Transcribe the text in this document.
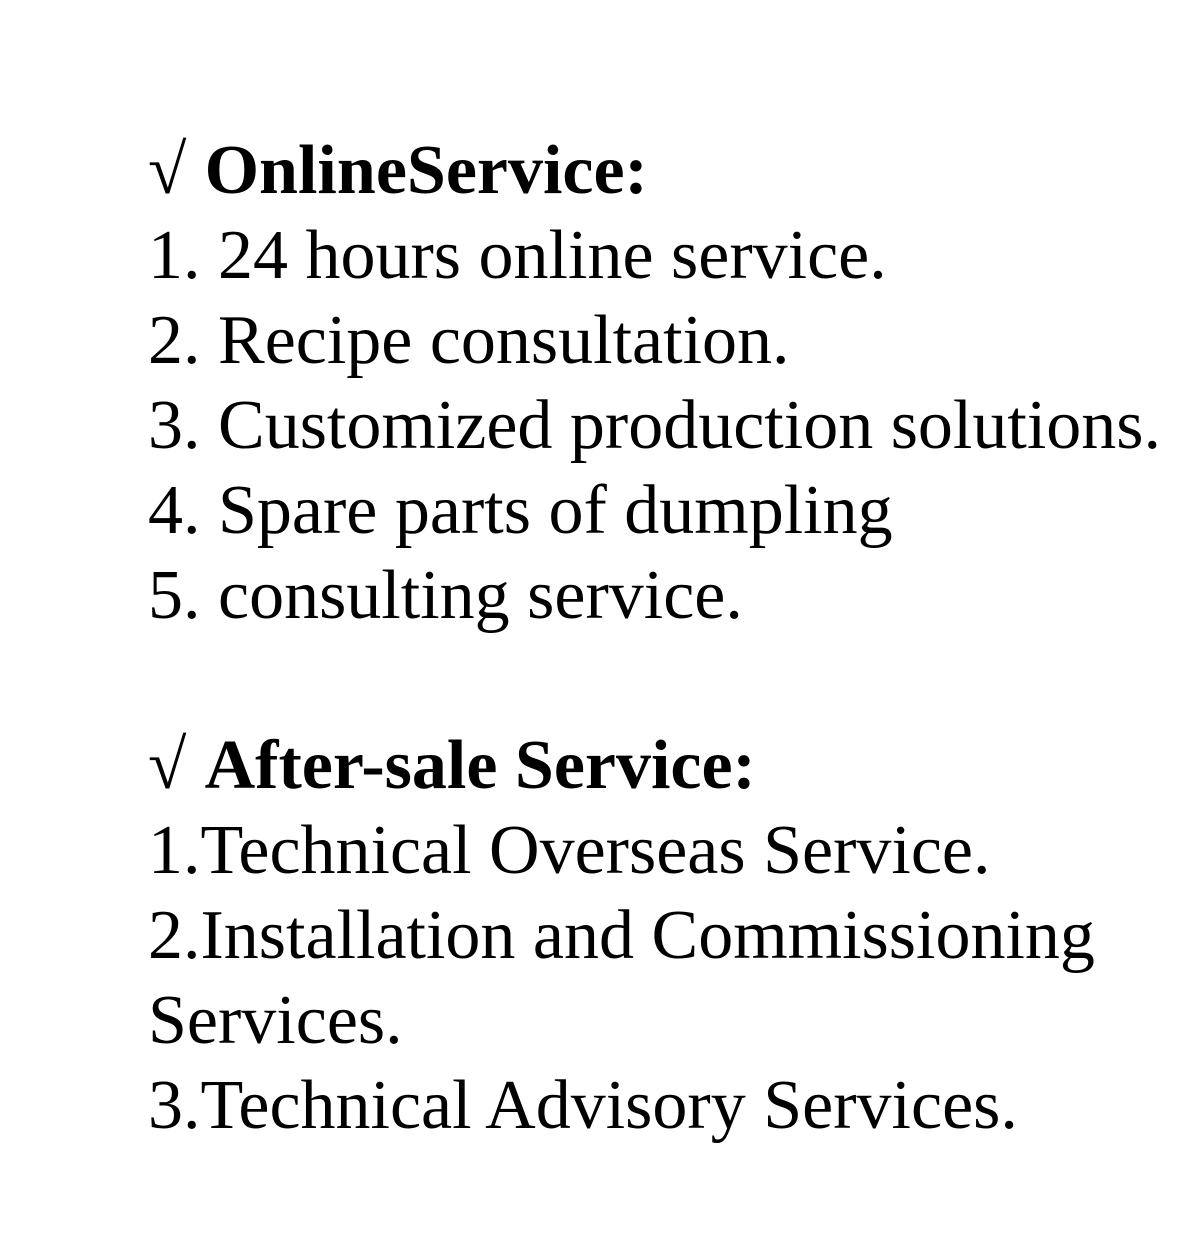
√ OnlineService:
1. 24 hours online service.
2. Recipe consultation.
3. Customized production solutions.
4. Spare parts of dumpling
5. consulting service.
√ After-sale Service:
1.Technical Overseas Service.
2.Installation and Commissioning
Services.
3.Technical Advisory Services.
